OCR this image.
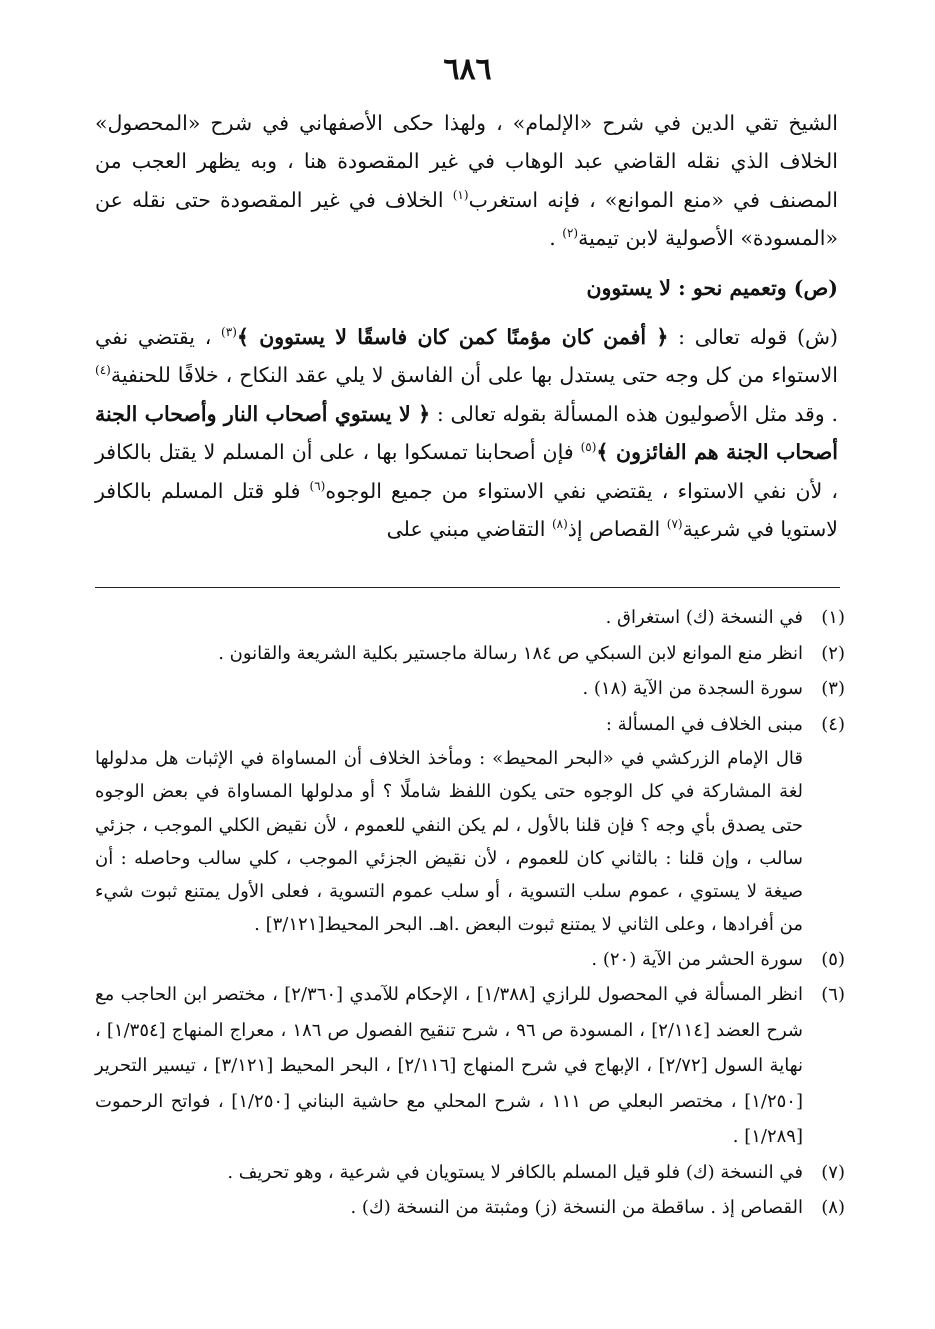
٦٨٦

الشيخ تقي الدين في شرح «الإلمام» ، ولهذا حكى الأصفهاني في شرح «المحصول» الخلاف الذي نقله القاضي عبد الوهاب في غير المقصودة هنا ، وبه يظهر العجب من المصنف في «منع الموانع» ، فإنه استغرب$^{(١)}$ الخلاف في غير المقصودة حتى نقله عن «المسودة» الأصولية لابن تيمية$^{(٢)}$ .

(ص) وتعميم نحو : لا يستوون

(ش) قوله تعالى : ﴿ أفمن كان مؤمنًا كمن كان فاسقًا لا يستوون ﴾$^{(٣)}$ ، يقتضي نفي الاستواء من كل وجه حتى يستدل بها على أن الفاسق لا يلي عقد النكاح ، خلافًا للحنفية$^{(٤)}$ . وقد مثل الأصوليون هذه المسألة بقوله تعالى : ﴿ لا يستوي أصحاب النار وأصحاب الجنة أصحاب الجنة هم الفائزون ﴾$^{(٥)}$ فإن أصحابنا تمسكوا بها ، على أن المسلم لا يقتل بالكافر ، لأن نفي الاستواء ، يقتضي نفي الاستواء من جميع الوجوه$^{(٦)}$ فلو قتل المسلم بالكافر لاستويا في شرعية$^{(٧)}$ القصاص إذ$^{(٨)}$ التقاضي مبني على

(١)
في النسخة (ك) استغراق .

(٢)
انظر منع الموانع لابن السبكي ص ١٨٤ رسالة ماجستير بكلية الشريعة والقانون .

(٣)
سورة السجدة من الآية (١٨) .

(٤)
مبنى الخلاف في المسألة :

قال الإمام الزركشي في «البحر المحيط» : ومأخذ الخلاف أن المساواة في الإثبات هل مدلولها لغة المشاركة في كل الوجوه حتى يكون اللفظ شاملًا ؟ أو مدلولها المساواة في بعض الوجوه حتى يصدق بأي وجه ؟ فإن قلنا بالأول ، لم يكن النفي للعموم ، لأن نقيض الكلي الموجب ، جزئي سالب ، وإن قلنا : بالثاني كان للعموم ، لأن نقيض الجزئي الموجب ، كلي سالب وحاصله : أن صيغة لا يستوي ، عموم سلب التسوية ، أو سلب عموم التسوية ، فعلى الأول يمتنع ثبوت شيء من أفرادها ، وعلى الثاني لا يمتنع ثبوت البعض .اهـ. البحر المحيط[٣/١٢١] .

(٥)
سورة الحشر من الآية (٢٠) .

(٦)
انظر المسألة في المحصول للرازي [١/٣٨٨] ، الإحكام للآمدي [٢/٣٦٠] ، مختصر ابن الحاجب مع شرح العضد [٢/١١٤] ، المسودة ص ٩٦ ، شرح تنقيح الفصول ص ١٨٦ ، معراج المنهاج [١/٣٥٤] ، نهاية السول [٢/٧٢] ، الإبهاج في شرح المنهاج [٢/١١٦] ، البحر المحيط [٣/١٢١] ، تيسير التحرير [١/٢٥٠] ، مختصر البعلي ص ١١١ ، شرح المحلي مع حاشية البناني [١/٢٥٠] ، فواتح الرحموت [١/٢٨٩] .

(٧)
في النسخة (ك) فلو قيل المسلم بالكافر لا يستويان في شرعية ، وهو تحريف .

(٨)
القصاص إذ . ساقطة من النسخة (ز) ومثبتة من النسخة (ك) .
